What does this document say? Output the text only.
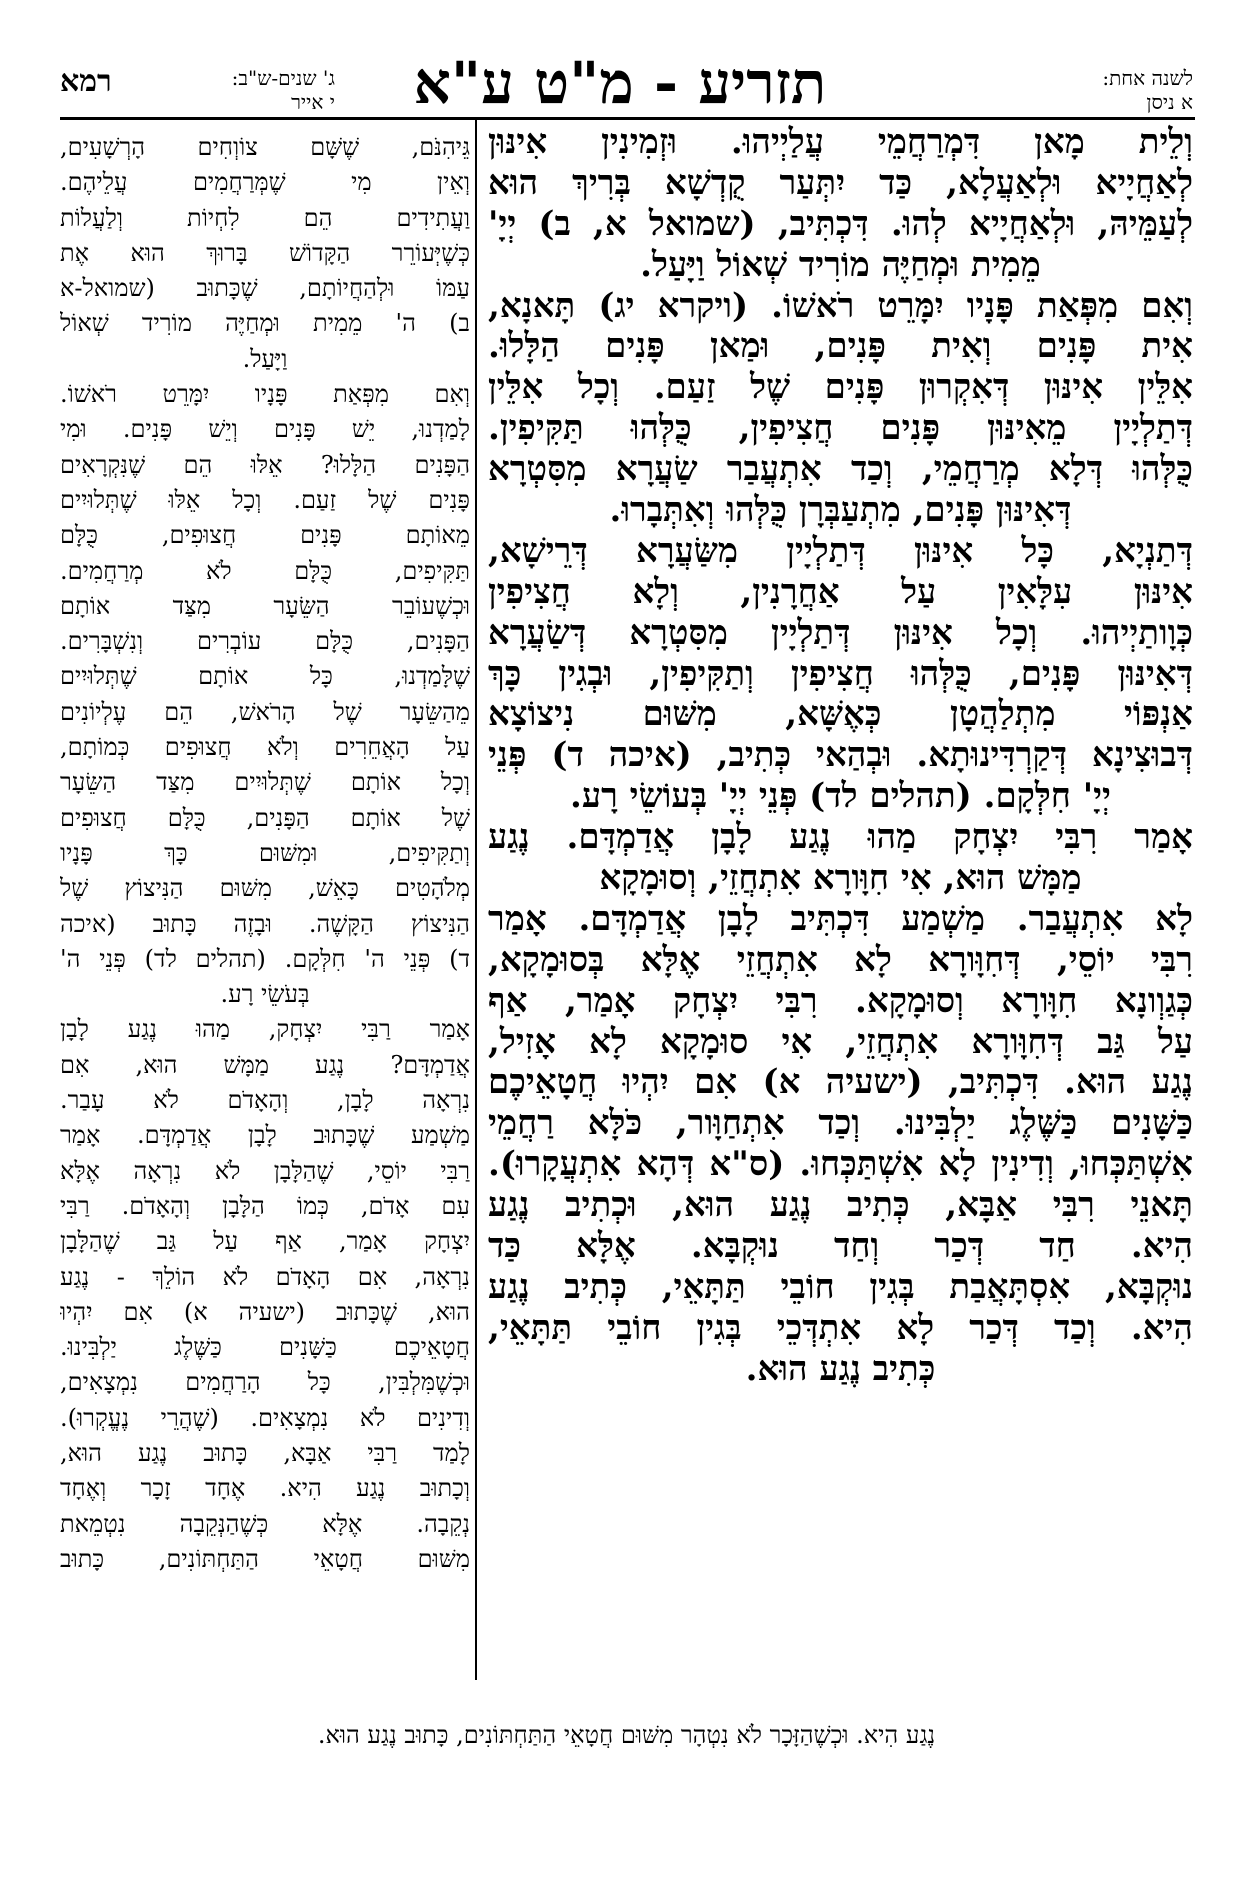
לשנה אחת:
א ניסן
תזריע - מ"ט ע"א
ג' שנים-ש"ב:
י אייר
רמא
וְלֵית מָאן דִּמְרַחֲמֵי עֲלַיְיהוּ. וּזְמִינִין אִינּוּן
לְאַחֲיָיא וּלְאַעֲלָא, כַּד יִתְּעַר קֻדְשָׁא בְּרִיךְ הוּא
לְעַמֵּיהּ, וּלְאַחֲיָיא לְהוּ. דִּכְתִּיב, (שמואל א, ב) יְיָ'
מֵמִית וּמְחַיֶּה מוֹרִיד שְׁאוֹל וַיָּעַל.
וְאִם מִפְּאַת פָּנָיו יִמָּרֵט רֹאשׁוֹ. (ויקרא יג) תָּאנָא,
אִית פָּנִים וְאִית פָּנִים, וּמַאן פָּנִים הַלָּלוּ.
אִלֵּין אִינּוּן דְּאִקְרוּן פָּנִים שֶׁל זַעַם. וְכָל אִלֵּין
דְּתַלְיָין מֵאִינּוּן פָּנִים חֲצִיפִין, כֻּלְּהוּ תַּקִּיפִין.
כֻּלְּהוּ דְּלָא מְרַחֲמֵי, וְכַד אִתְעֲבַר שַׂעֲרָא מִסִּטְרָא
דְּאִינּוּן פָּנִים, מִתְעַבְּרָן כֻּלְּהוּ וְאִתְּבָרוּ.
דְּתַנְיָא, כָּל אִינּוּן דְּתַלְיָין מִשַּׂעֲרָא דְּרֵישָׁא,
אִינּוּן עִלָּאִין עַל אַחֲרָנִין, וְלָא חֲצִיפִין
כְּוָותַיְיהוּ. וְכָל אִינּוּן דְּתַלְיָין מִסִּטְרָא דְּשַׂעֲרָא
דְּאִינּוּן פָּנִים, כֻּלְּהוּ חֲצִיפִין וְתַקִּיפִין, וּבְגִין כָּךְ
אַנְפּוֹי מִתְלַהֲטָן כְּאֶשָּׁא, מִשּׁוּם נִיצוֹצָא
דְּבוּצִינָא דְּקַרְדִּינוּתָא. וּבְהַאי כְּתִיב, (איכה ד) פְּנֵי
יְיָ' חִלְּקָם. (תהלים לד) פְּנֵי יְיָ' בְּעוֹשֵׂי רָע.
אָמַר רִבִּי יִצְחָק מַהוּ נֶגַע לָבָן אֲדַמְדָּם. נֶגַע
מַמָּשׁ הוּא, אִי חִוָּורָא אִתְחֲזֵי, וְסוּמָקָא
לָא אִתְעֲבַר. מַשְׁמַע דִּכְתִּיב לָבָן אֲדַמְדָּם. אָמַר
רִבִּי יוֹסֵי, דְּחִוָּורָא לָא אִתְחֲזֵי אֶלָּא בְּסוּמָקָא,
כְּגַוְונָא חִוָּורָא וְסוּמָקָא. רִבִּי יִצְחָק אָמַר, אַף
עַל גַּב דְּחִוָּורָא אִתְחֲזֵי, אִי סוּמָקָא לָא אָזִיל,
נֶגַע הוּא. דִּכְתִּיב, (ישעיה א) אִם יִהְיוּ חֲטָאֵיכֶם
כַּשָּׁנִים כַּשֶּׁלֶג יַלְבִּינוּ. וְכַד אִתְחַוָּור, כֹּלָּא רַחֲמֵי
אִשְׁתַּכְּחוּ, וְדִינִין לָא אִשְׁתַּכְּחוּ. (ס"א דְּהָא אִתְעֲקָרוּ).
תָּאנֵי רִבִּי אַבָּא, כְּתִיב נֶגַע הוּא, וּכְתִיב נֶגַע
הִיא. חַד דְּכַר וְחַד נוּקְבָּא. אֶלָּא כַּד
נוּקְבָּא, אִסְתָּאֲבַת בְּגִין חוֹבֵי תַּתָּאֵי, כְּתִיב נֶגַע
הִיא. וְכַד דְּכַר לָא אִתְדְּכֵי בְּגִין חוֹבֵי תַּתָּאֵי,
כְּתִיב נֶגַע הוּא.
גֵּיהִנֹּם, שֶׁשָּׁם צוֹוְחִים הָרְשָׁעִים,
וְאֵין מִי שֶׁמְּרַחֲמִים עֲלֵיהֶם.
וַעֲתִידִים הֵם לִחְיוֹת וְלַעֲלוֹת
כְּשֶׁיְּעוֹרֵר הַקָּדוֹשׁ בָּרוּךְ הוּא אֶת
עַמּוֹ וּלְהַחֲיוֹתָם, שֶׁכָּתוּב (שמואל-א
ב) ה' מֵמִית וּמְחַיֶּה מוֹרִיד שְׁאוֹל
וַיָּעַל.
וְאִם מִפְּאַת פָּנָיו יִמָּרֵט רֹאשׁוֹ.
לָמַדְנוּ, יֵשׁ פָּנִים וְיֵשׁ פָּנִים. וּמִי
הַפָּנִים הַלָּלוּ? אֵלּוּ הֵם שֶׁנִּקְרָאִים
פָּנִים שֶׁל זַעַם. וְכָל אֵלּוּ שֶׁתְּלוּיִים
מֵאוֹתָם פָּנִים חֲצוּפִים, כֻּלָּם
תַּקִּיפִים, כֻּלָּם לֹא מְרַחֲמִים.
וּכְשֶׁעוֹבֵר הַשֵּׂעָר מִצַּד אוֹתָם
הַפָּנִים, כֻּלָּם עוֹבְרִים וְנִשְׁבָּרִים.
שֶׁלָּמַדְנוּ, כָּל אוֹתָם שֶׁתְּלוּיִים
מֵהַשֵּׂעָר שֶׁל הָרֹאשׁ, הֵם עֶלְיוֹנִים
עַל הָאֲחֵרִים וְלֹא חֲצוּפִים כְּמוֹתָם,
וְכָל אוֹתָם שֶׁתְּלוּיִים מִצַּד הַשֵּׂעָר
שֶׁל אוֹתָם הַפָּנִים, כֻּלָּם חֲצוּפִים
וְתַקִּיפִים, וּמִשּׁוּם כָּךְ פָּנָיו
מְלֹהָטִים כָּאֵשׁ, מִשּׁוּם הַנִּיצוֹץ שֶׁל
הַנִּיצוֹץ הַקָּשֶׁה. וּבָזֶה כָּתוּב (איכה
ד) פְּנֵי ה' חִלְּקָם. (תהלים לד) פְּנֵי ה'
בְּעֹשֵׂי רָע.
אָמַר רַבִּי יִצְחָק, מַהוּ נֶגַע לָבָן
אֲדַמְדָּם? נֶגַע מַמָּשׁ הוּא, אִם
נִרְאָה לָבָן, וְהָאָדֹם לֹא עָבַר.
מַשְׁמַע שֶׁכָּתוּב לָבָן אֲדַמְדָּם. אָמַר
רַבִּי יוֹסֵי, שֶׁהַלָּבָן לֹא נִרְאָה אֶלָּא
עִם אָדֹם, כְּמוֹ הַלָּבָן וְהָאָדֹם. רַבִּי
יִצְחָק אָמַר, אַף עַל גַּב שֶׁהַלָּבָן
נִרְאָה, אִם הָאָדֹם לֹא הוֹלֵךְ - נֶגַע
הוּא, שֶׁכָּתוּב (ישעיה א) אִם יִהְיוּ
חֲטָאֵיכֶם כַּשָּׁנִים כַּשֶּׁלֶג יַלְבִּינוּ.
וּכְשֶׁמִּלְבִּין, כָּל הָרַחֲמִים נִמְצָאִים,
וְדִינִים לֹא נִמְצָאִים. (שֶׁהֲרֵי נֶעֱקְרוּ).
לָמַד רַבִּי אַבָּא, כָּתוּב נֶגַע הוּא,
וְכָתוּב נֶגַע הִיא. אֶחָד זָכָר וְאֶחָד
נְקֵבָה. אֶלָּא כְּשֶׁהַנְּקֵבָה נִטְמֵאת
מִשּׁוּם חֲטָאֵי הַתַּחְתּוֹנִים, כָּתוּב
נֶגַע הִיא. וּכְשֶׁהַזָּכָר לֹא נִטְהָר מִשּׁוּם חֲטָאֵי הַתַּחְתּוֹנִים, כָּתוּב נֶגַע הוּא.
